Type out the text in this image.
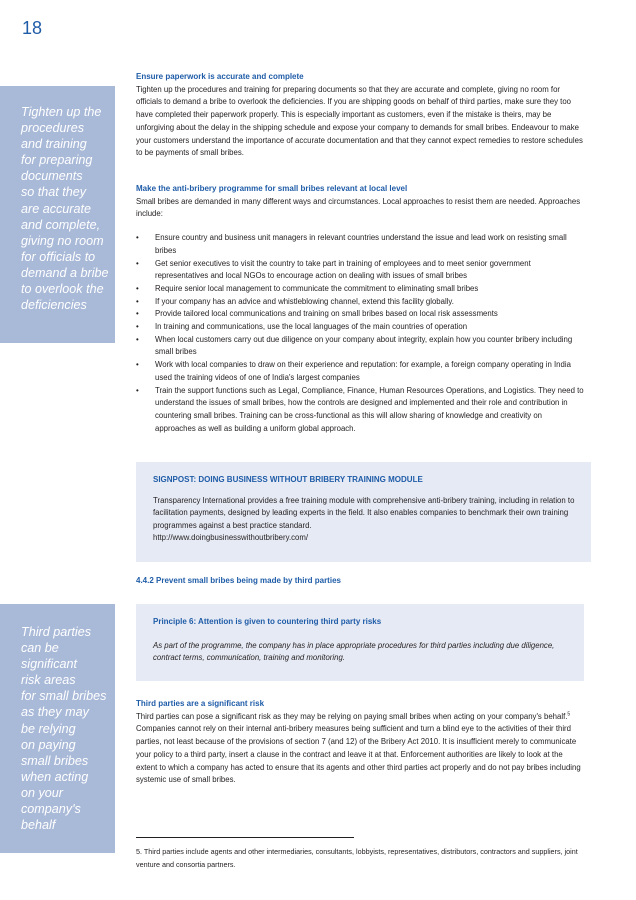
18

Tighten up the
procedures
and training
for preparing
documents
so that they
are accurate
and complete,
giving no room
for officials to
demand a bribe
to overlook the
deficiencies

Third parties
can be
significant
risk areas
for small bribes
as they may
be relying
on paying
small bribes
when acting
on your
company's
behalf

Ensure paperwork is accurate and complete

Tighten up the procedures and training for preparing documents so that they are accurate and complete, giving no room for officials to demand a bribe to overlook the deficiencies. If you are shipping goods on behalf of third parties, make sure they too have completed their paperwork properly. This is especially important as customers, even if the mistake is theirs, may be unforgiving about the delay in the shipping schedule and expose your company to demands for small bribes. Endeavour to make your customers understand the importance of accurate documentation and that they cannot expect remedies to restore schedules to be payments of small bribes.

Make the anti-bribery programme for small bribes relevant at local level

Small bribes are demanded in many different ways and circumstances. Local approaches to resist them are needed. Approaches include:

• Ensure country and business unit managers in relevant countries understand the issue and lead work on resisting small bribes
• Get senior executives to visit the country to take part in training of employees and to meet senior government representatives and local NGOs to encourage action on dealing with issues of small bribes
• Require senior local management to communicate the commitment to eliminating small bribes
• If your company has an advice and whistleblowing channel, extend this facility globally.
• Provide tailored local communications and training on small bribes based on local risk assessments
• In training and communications, use the local languages of the main countries of operation
• When local customers carry out due diligence on your company about integrity, explain how you counter bribery including small bribes
• Work with local companies to draw on their experience and reputation: for example, a foreign company operating in India used the training videos of one of India's largest companies
• Train the support functions such as Legal, Compliance, Finance, Human Resources Operations, and Logistics. They need to understand the issues of small bribes, how the controls are designed and implemented and their role and contribution in countering small bribes. Training can be cross-functional as this will allow sharing of knowledge and creativity on approaches as well as building a uniform global approach.

SIGNPOST: DOING BUSINESS WITHOUT BRIBERY TRAINING MODULE

Transparency International provides a free training module with comprehensive anti-bribery training, including in relation to facilitation payments, designed by leading experts in the field. It also enables companies to benchmark their own training programmes against a best practice standard.

http://www.doingbusinesswithoutbribery.com/

4.4.2 Prevent small bribes being made by third parties

Principle 6: Attention is given to countering third party risks

As part of the programme, the company has in place appropriate procedures for third parties including due diligence, contract terms, communication, training and monitoring.

Third parties are a significant risk

Third parties can pose a significant risk as they may be relying on paying small bribes when acting on your company's behalf.$^5$ Companies cannot rely on their internal anti-bribery measures being sufficient and turn a blind eye to the activities of their third parties, not least because of the provisions of section 7 (and 12) of the Bribery Act 2010. It is insufficient merely to communicate your policy to a third party, insert a clause in the contract and leave it at that. Enforcement authorities are likely to look at the extent to which a company has acted to ensure that its agents and other third parties act properly and do not pay bribes including systemic use of small bribes.

5. Third parties include agents and other intermediaries, consultants, lobbyists, representatives, distributors, contractors and suppliers, joint venture and consortia partners.
